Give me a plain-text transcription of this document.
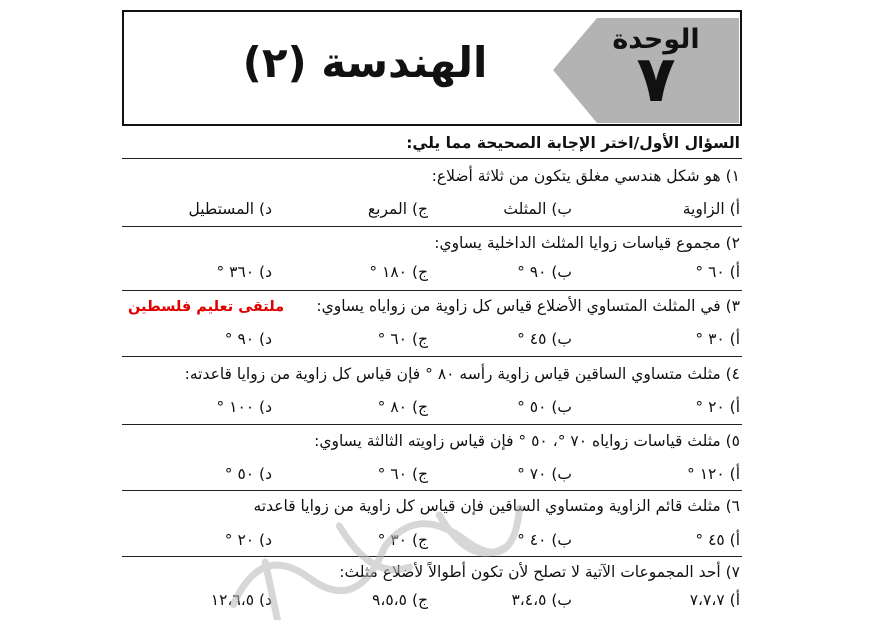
الوحدة
٧
الهندسة (٢)
السؤال الأول/اختر الإجابة الصحيحة مما يلي:
١) هو شكل هندسي مغلق يتكون من ثلاثة أضلاع:
أ) الزاوية
ب) المثلث
ج) المربع
د) المستطيل
٢) مجموع قياسات زوايا المثلث الداخلية يساوي:
أ) ٦٠ °
ب) ٩٠ °
ج) ١٨٠ °
د) ٣٦٠ °
٣) في المثلث المتساوي الأضلاع قياس كل زاوية من زواياه يساوي:
ملتقى تعليم فلسطين
أ) ٣٠ °
ب) ٤٥ °
ج) ٦٠ °
د) ٩٠ °
٤) مثلث متساوي الساقين قياس زاوية رأسه ٨٠ ° فإن قياس كل زاوية من زوايا قاعدته:
أ) ٢٠ °
ب) ٥٠ °
ج) ٨٠ °
د) ١٠٠ °
٥) مثلث قياسات زواياه ٧٠ °، ٥٠ ° فإن قياس زاويته الثالثة يساوي:
أ) ١٢٠ °
ب) ٧٠ °
ج) ٦٠ °
د) ٥٠ °
٦) مثلث قائم الزاوية ومتساوي الساقين فإن قياس كل زاوية من زوايا قاعدته
أ) ٤٥ °
ب) ٤٠ °
ج) ٣٠ °
د) ٢٠ °
٧) أحد المجموعات الآتية لا تصلح لأن تكون أطوالاً لأضلاع مثلث:
أ) ٧،٧،٧
ب) ٣،٤،٥
ج) ٩،٥،٥
د) ١٢،٦،٥
